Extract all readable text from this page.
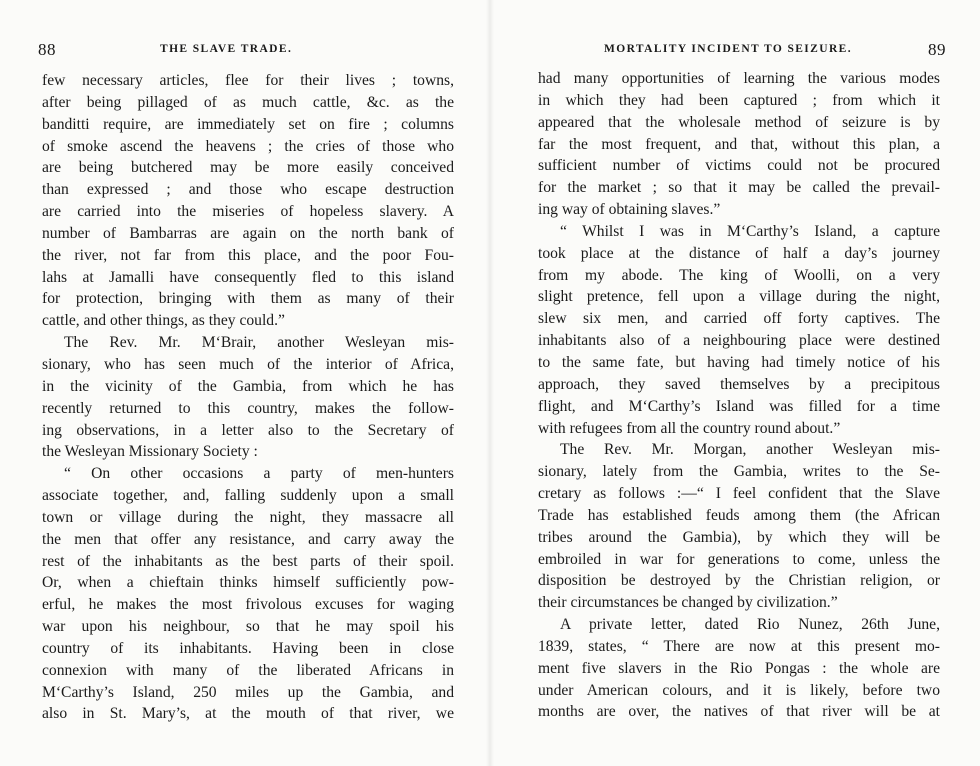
88	THE SLAVE TRADE.
few necessary articles, flee for their lives ; towns,
after being pillaged of as much cattle, &c. as the
banditti require, are immediately set on fire ; columns
of smoke ascend the heavens ; the cries of those who
are being butchered may be more easily conceived
than expressed ; and those who escape destruction
are carried into the miseries of hopeless slavery. A
number of Bambarras are again on the north bank of
the river, not far from this place, and the poor Fou-
lahs at Jamalli have consequently fled to this island
for protection, bringing with them as many of their
cattle, and other things, as they could.”
The Rev. Mr. M‘Brair, another Wesleyan mis-
sionary, who has seen much of the interior of Africa,
in the vicinity of the Gambia, from which he has
recently returned to this country, makes the follow-
ing observations, in a letter also to the Secretary of
the Wesleyan Missionary Society :
“ On other occasions a party of men-hunters
associate together, and, falling suddenly upon a small
town or village during the night, they massacre all
the men that offer any resistance, and carry away the
rest of the inhabitants as the best parts of their spoil.
Or, when a chieftain thinks himself sufficiently pow-
erful, he makes the most frivolous excuses for waging
war upon his neighbour, so that he may spoil his
country of its inhabitants. Having been in close
connexion with many of the liberated Africans in
M‘Carthy’s Island, 250 miles up the Gambia, and
also in St. Mary’s, at the mouth of that river, we
MORTALITY INCIDENT TO SEIZURE.	89
had many opportunities of learning the various modes
in which they had been captured ; from which it
appeared that the wholesale method of seizure is by
far the most frequent, and that, without this plan, a
sufficient number of victims could not be procured
for the market ; so that it may be called the prevail-
ing way of obtaining slaves.”
“ Whilst I was in M‘Carthy’s Island, a capture
took place at the distance of half a day’s journey
from my abode. The king of Woolli, on a very
slight pretence, fell upon a village during the night,
slew six men, and carried off forty captives. The
inhabitants also of a neighbouring place were destined
to the same fate, but having had timely notice of his
approach, they saved themselves by a precipitous
flight, and M‘Carthy’s Island was filled for a time
with refugees from all the country round about.”
The Rev. Mr. Morgan, another Wesleyan mis-
sionary, lately from the Gambia, writes to the Se-
cretary as follows :—“ I feel confident that the Slave
Trade has established feuds among them (the African
tribes around the Gambia), by which they will be
embroiled in war for generations to come, unless the
disposition be destroyed by the Christian religion, or
their circumstances be changed by civilization.”
A private letter, dated Rio Nunez, 26th June,
1839, states, “ There are now at this present mo-
ment five slavers in the Rio Pongas : the whole are
under American colours, and it is likely, before two
months are over, the natives of that river will be at
